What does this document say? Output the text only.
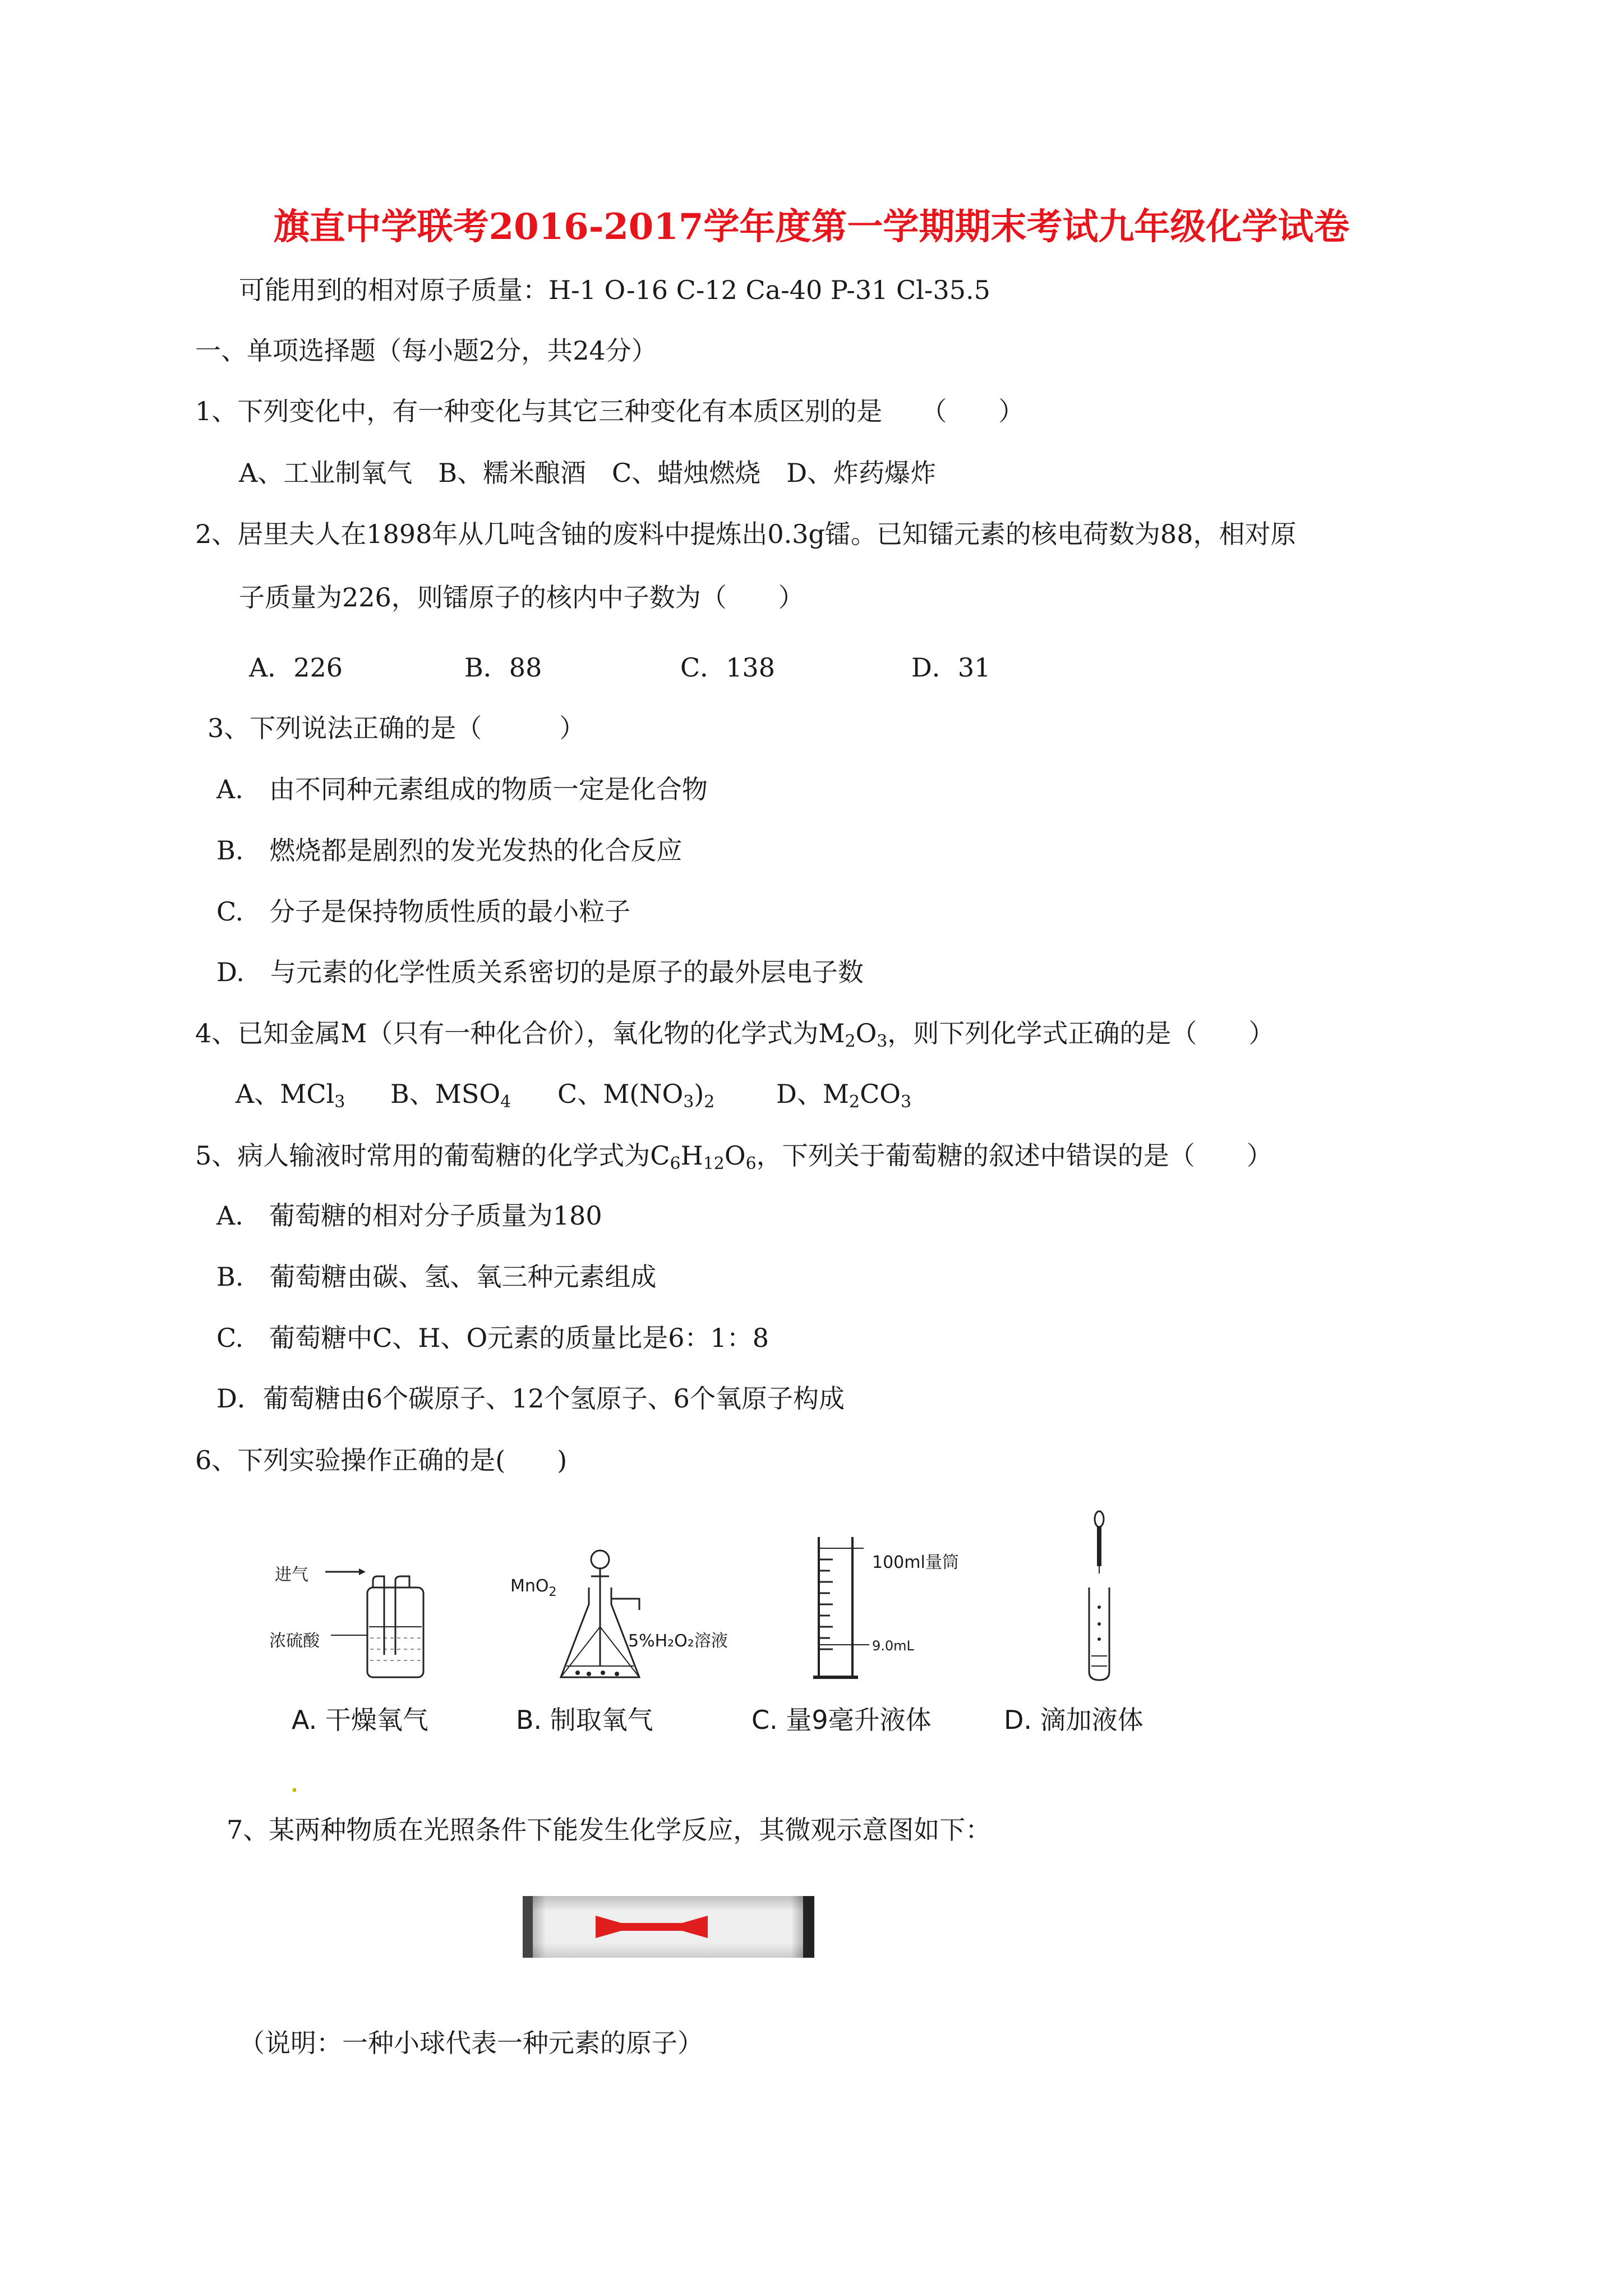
旗直中学联考2016-2017学年度第一学期期末考试九年级化学试卷
可能用到的相对原子质量：H-1 O-16 C-12 Ca-40 P-31 Cl-35.5
一、单项选择题（每小题2分，共24分）
1、下列变化中，有一种变化与其它三种变化有本质区别的是　　（　　）
A、工业制氧气　B、糯米酿酒　C、蜡烛燃烧　D、炸药爆炸
2、居里夫人在1898年从几吨含铀的废料中提炼出0.3g镭。已知镭元素的核电荷数为88，相对原
子质量为226，则镭原子的核内中子数为（　　）
A．226	B．88	C．138	D．31
3、下列说法正确的是（　　　）
A.　由不同种元素组成的物质一定是化合物
B.　燃烧都是剧烈的发光发热的化合反应
C.　分子是保持物质性质的最小粒子
D.　与元素的化学性质关系密切的是原子的最外层电子数
4、已知金属M（只有一种化合价），氧化物的化学式为$M_2O_3$，则下列化学式正确的是（　　）
A、MCl$_3$ B、$MSO_4$ C、$M(NO_3)_2$ D、$M_2CO_3$
5、病人输液时常用的葡萄糖的化学式为$C_6H_{12}O_6$，下列关于葡萄糖的叙述中错误的是（　　）
A.　葡萄糖的相对分子质量为180
B.　葡萄糖由碳、氢、氧三种元素组成
C.　葡萄糖中C、H、O元素的质量比是6：1：8
D．葡萄糖由6个碳原子、12个氢原子、6个氧原子构成
6、下列实验操作正确的是(　　)
进气
浓硫酸
MnO$_2$
5%H₂O₂溶液
100ml量筒
9.0mL
A. 干燥氧气	B. 制取氧气	C. 量9毫升液体	D. 滴加液体
7、某两种物质在光照条件下能发生化学反应，其微观示意图如下：
（说明：一种小球代表一种元素的原子）
